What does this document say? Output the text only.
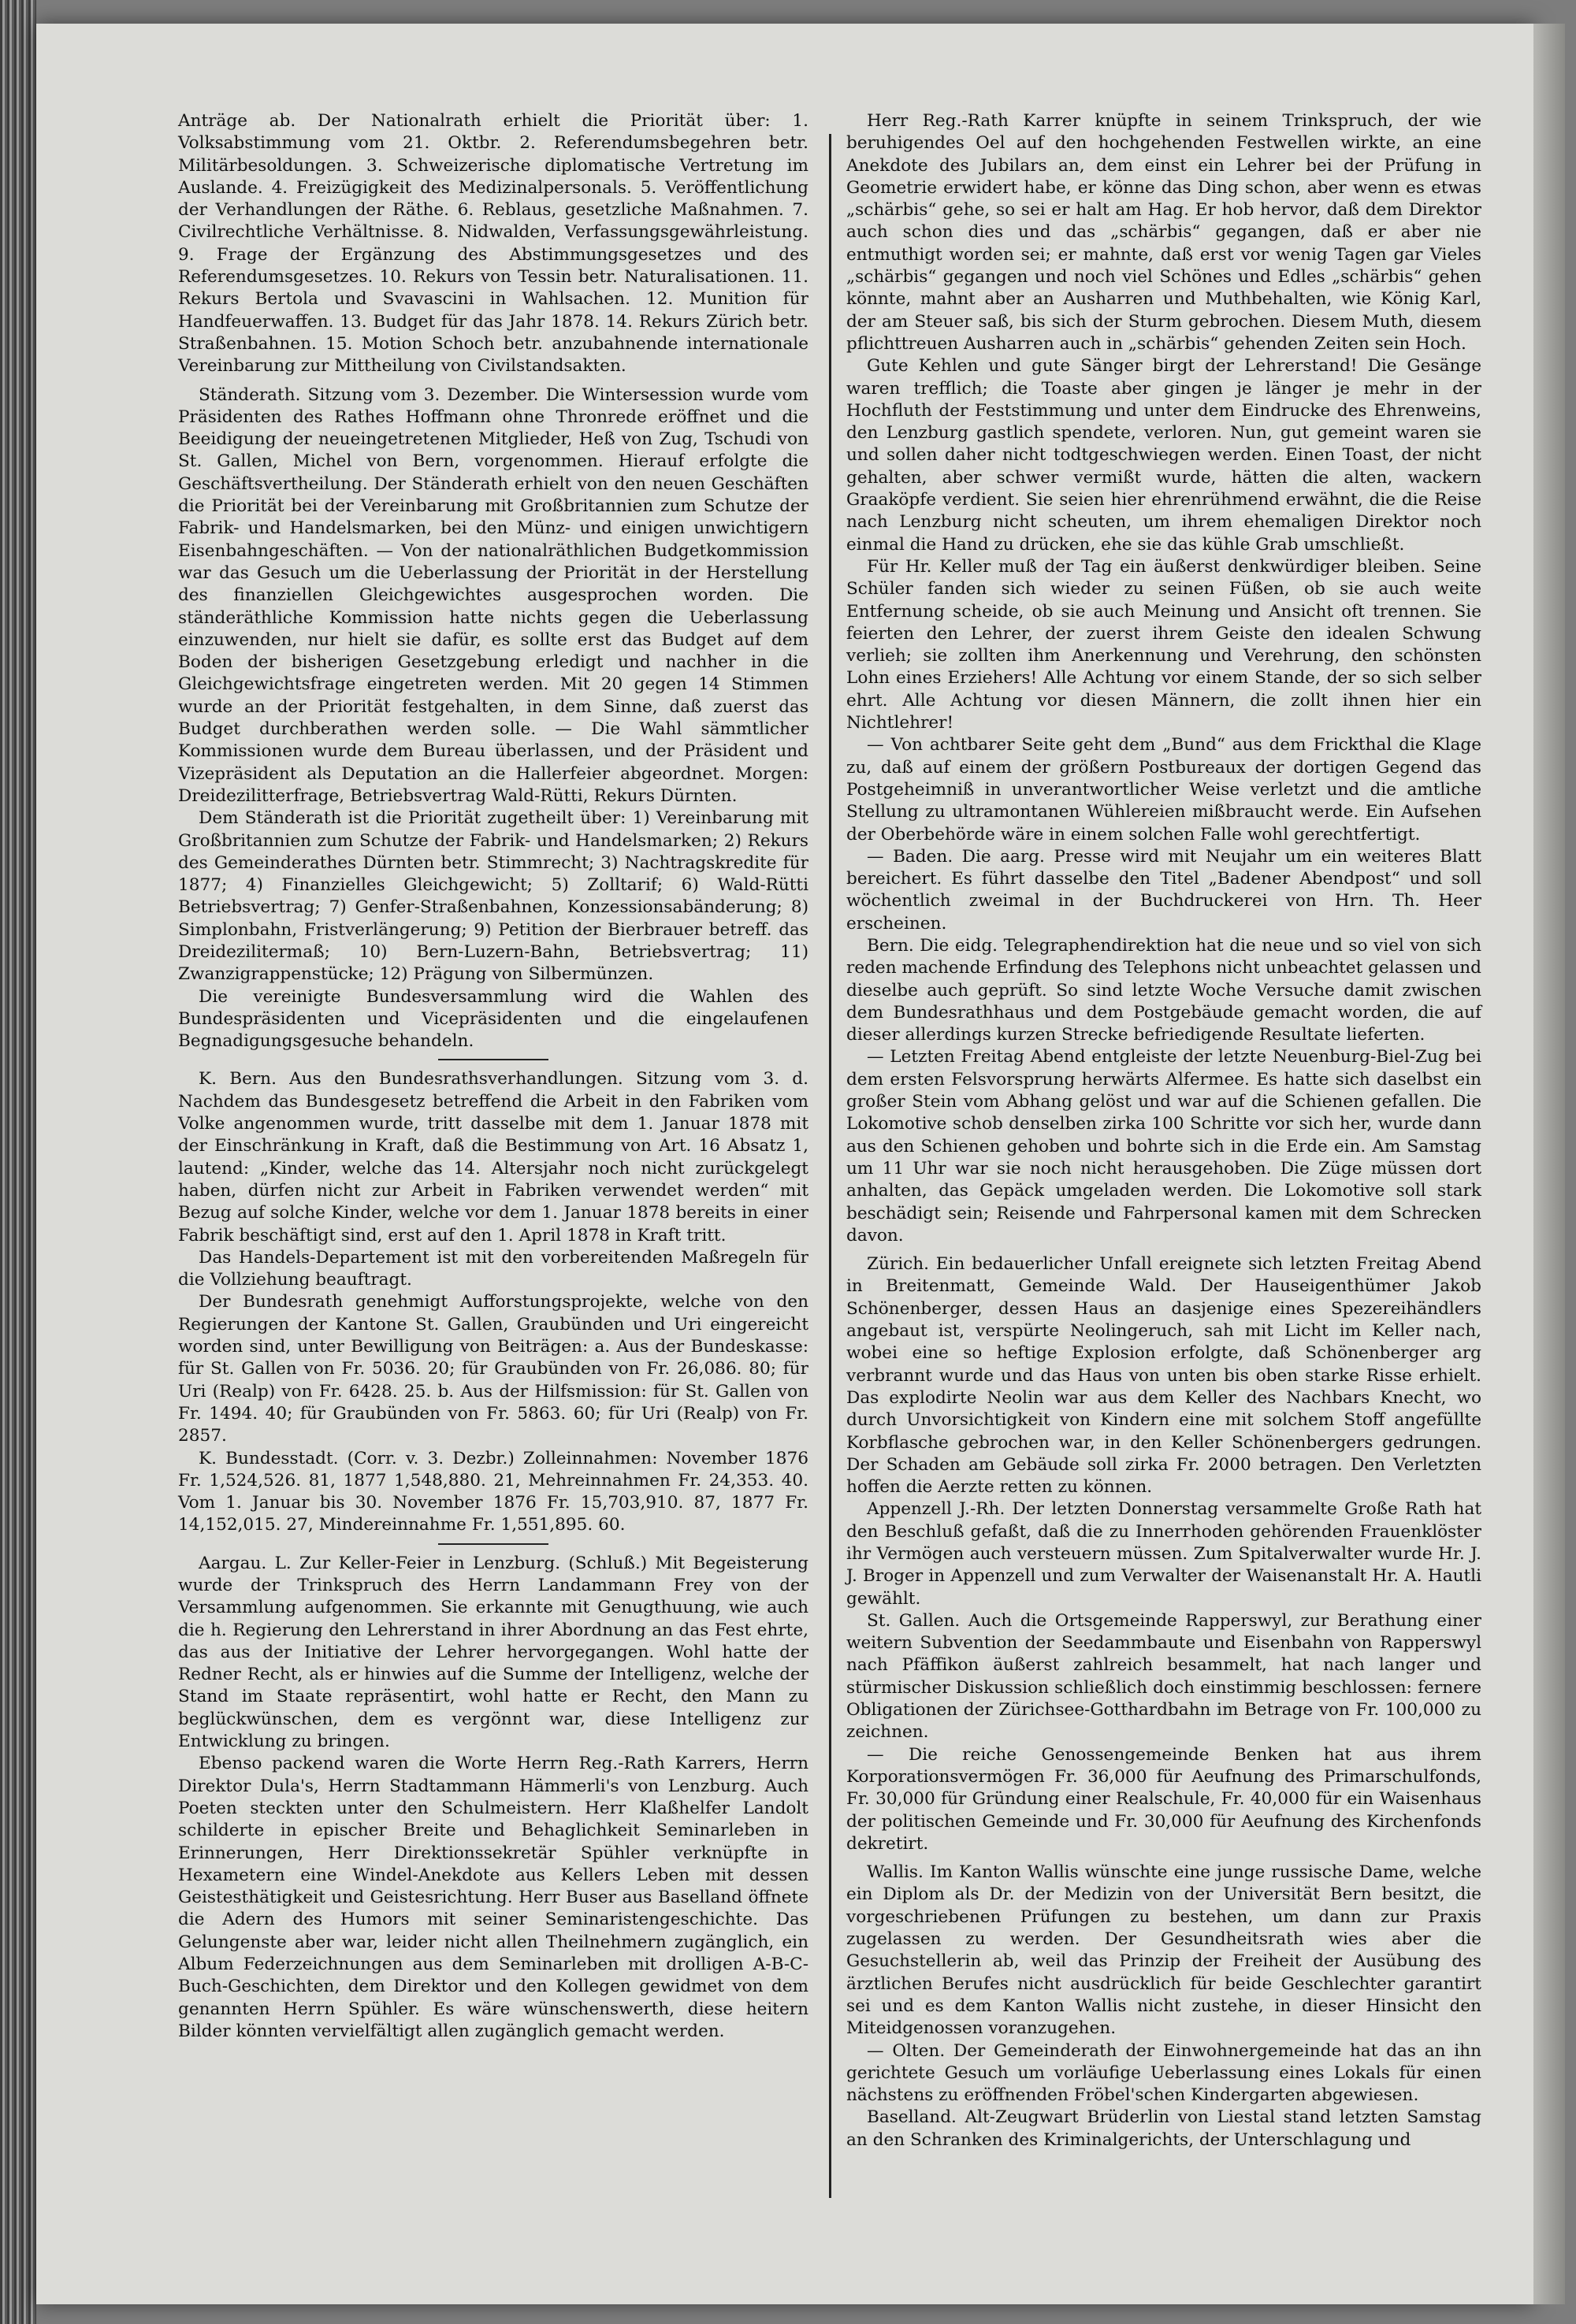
Anträge ab. Der Nationalrath erhielt die Priorität über: 1. Volksabstimmung vom 21. Oktbr. 2. Referendumsbegehren betr. Militärbesoldungen. 3. Schweizerische diplomatische Vertretung im Auslande. 4. Freizügigkeit des Medizinalpersonals. 5. Veröffentlichung der Verhandlungen der Räthe. 6. Reblaus, gesetzliche Maßnahmen. 7. Civilrechtliche Verhältnisse. 8. Nidwalden, Verfassungsgewährleistung. 9. Frage der Ergänzung des Abstimmungsgesetzes und des Referendumsgesetzes. 10. Rekurs von Tessin betr. Naturalisationen. 11. Rekurs Bertola und Svavascini in Wahlsachen. 12. Munition für Handfeuerwaffen. 13. Budget für das Jahr 1878. 14. Rekurs Zürich betr. Straßenbahnen. 15. Motion Schoch betr. anzubahnende internationale Vereinbarung zur Mittheilung von Civilstandsakten.

Ständerath. Sitzung vom 3. Dezember. Die Wintersession wurde vom Präsidenten des Rathes Hoffmann ohne Thronrede eröffnet und die Beeidigung der neueingetretenen Mitglieder, Heß von Zug, Tschudi von St. Gallen, Michel von Bern, vorgenommen. Hierauf erfolgte die Geschäftsvertheilung. Der Ständerath erhielt von den neuen Geschäften die Priorität bei der Vereinbarung mit Großbritannien zum Schutze der Fabrik- und Handelsmarken, bei den Münz- und einigen unwichtigern Eisenbahngeschäften. — Von der nationalräthlichen Budgetkommission war das Gesuch um die Ueberlassung der Priorität in der Herstellung des finanziellen Gleichgewichtes ausgesprochen worden. Die ständeräthliche Kommission hatte nichts gegen die Ueberlassung einzuwenden, nur hielt sie dafür, es sollte erst das Budget auf dem Boden der bisherigen Gesetzgebung erledigt und nachher in die Gleichgewichtsfrage eingetreten werden. Mit 20 gegen 14 Stimmen wurde an der Priorität festgehalten, in dem Sinne, daß zuerst das Budget durchberathen werden solle. — Die Wahl sämmtlicher Kommissionen wurde dem Bureau überlassen, und der Präsident und Vizepräsident als Deputation an die Hallerfeier abgeordnet. Morgen: Dreidezilitterfrage, Betriebsvertrag Wald-Rütti, Rekurs Dürnten.

Dem Ständerath ist die Priorität zugetheilt über: 1) Vereinbarung mit Großbritannien zum Schutze der Fabrik- und Handelsmarken; 2) Rekurs des Gemeinderathes Dürnten betr. Stimmrecht; 3) Nachtragskredite für 1877; 4) Finanzielles Gleichgewicht; 5) Zolltarif; 6) Wald-Rütti Betriebsvertrag; 7) Genfer-Straßenbahnen, Konzessionsabänderung; 8) Simplonbahn, Fristverlängerung; 9) Petition der Bierbrauer betreff. das Dreidezilitermaß; 10) Bern-Luzern-Bahn, Betriebsvertrag; 11) Zwanzigrappenstücke; 12) Prägung von Silbermünzen.

Die vereinigte Bundesversammlung wird die Wahlen des Bundespräsidenten und Vicepräsidenten und die eingelaufenen Begnadigungsgesuche behandeln.

K. Bern. Aus den Bundesrathsverhandlungen. Sitzung vom 3. d. Nachdem das Bundesgesetz betreffend die Arbeit in den Fabriken vom Volke angenommen wurde, tritt dasselbe mit dem 1. Januar 1878 mit der Einschränkung in Kraft, daß die Bestimmung von Art. 16 Absatz 1, lautend: „Kinder, welche das 14. Altersjahr noch nicht zurückgelegt haben, dürfen nicht zur Arbeit in Fabriken verwendet werden“ mit Bezug auf solche Kinder, welche vor dem 1. Januar 1878 bereits in einer Fabrik beschäftigt sind, erst auf den 1. April 1878 in Kraft tritt.

Das Handels-Departement ist mit den vorbereitenden Maßregeln für die Vollziehung beauftragt.

Der Bundesrath genehmigt Aufforstungsprojekte, welche von den Regierungen der Kantone St. Gallen, Graubünden und Uri eingereicht worden sind, unter Bewilligung von Beiträgen: a. Aus der Bundeskasse: für St. Gallen von Fr. 5036. 20; für Graubünden von Fr. 26,086. 80; für Uri (Realp) von Fr. 6428. 25. b. Aus der Hilfsmission: für St. Gallen von Fr. 1494. 40; für Graubünden von Fr. 5863. 60; für Uri (Realp) von Fr. 2857.

K. Bundesstadt. (Corr. v. 3. Dezbr.) Zolleinnahmen: November 1876 Fr. 1,524,526. 81, 1877 1,548,880. 21, Mehreinnahmen Fr. 24,353. 40. Vom 1. Januar bis 30. November 1876 Fr. 15,703,910. 87, 1877 Fr. 14,152,015. 27, Mindereinnahme Fr. 1,551,895. 60.

Aargau. L. Zur Keller-Feier in Lenzburg. (Schluß.) Mit Begeisterung wurde der Trinkspruch des Herrn Landammann Frey von der Versammlung aufgenommen. Sie erkannte mit Genugthuung, wie auch die h. Regierung den Lehrerstand in ihrer Abordnung an das Fest ehrte, das aus der Initiative der Lehrer hervorgegangen. Wohl hatte der Redner Recht, als er hinwies auf die Summe der Intelligenz, welche der Stand im Staate repräsentirt, wohl hatte er Recht, den Mann zu beglückwünschen, dem es vergönnt war, diese Intelligenz zur Entwicklung zu bringen.

Ebenso packend waren die Worte Herrn Reg.-Rath Karrers, Herrn Direktor Dula's, Herrn Stadtammann Hämmerli's von Lenzburg. Auch Poeten steckten unter den Schulmeistern. Herr Klaßhelfer Landolt schilderte in epischer Breite und Behaglichkeit Seminarleben in Erinnerungen, Herr Direktionssekretär Spühler verknüpfte in Hexametern eine Windel-Anekdote aus Kellers Leben mit dessen Geistesthätigkeit und Geistesrichtung. Herr Buser aus Baselland öffnete die Adern des Humors mit seiner Seminaristengeschichte. Das Gelungenste aber war, leider nicht allen Theilnehmern zugänglich, ein Album Federzeichnungen aus dem Seminarleben mit drolligen A-B-C-Buch-Geschichten, dem Direktor und den Kollegen gewidmet von dem genannten Herrn Spühler. Es wäre wünschenswerth, diese heitern Bilder könnten vervielfältigt allen zugänglich gemacht werden.

Herr Reg.-Rath Karrer knüpfte in seinem Trinkspruch, der wie beruhigendes Oel auf den hochgehenden Festwellen wirkte, an eine Anekdote des Jubilars an, dem einst ein Lehrer bei der Prüfung in Geometrie erwidert habe, er könne das Ding schon, aber wenn es etwas „schärbis“ gehe, so sei er halt am Hag. Er hob hervor, daß dem Direktor auch schon dies und das „schärbis“ gegangen, daß er aber nie entmuthigt worden sei; er mahnte, daß erst vor wenig Tagen gar Vieles „schärbis“ gegangen und noch viel Schönes und Edles „schärbis“ gehen könnte, mahnt aber an Ausharren und Muthbehalten, wie König Karl, der am Steuer saß, bis sich der Sturm gebrochen. Diesem Muth, diesem pflichttreuen Ausharren auch in „schärbis“ gehenden Zeiten sein Hoch.

Gute Kehlen und gute Sänger birgt der Lehrerstand! Die Gesänge waren trefflich; die Toaste aber gingen je länger je mehr in der Hochfluth der Feststimmung und unter dem Eindrucke des Ehrenweins, den Lenzburg gastlich spendete, verloren. Nun, gut gemeint waren sie und sollen daher nicht todtgeschwiegen werden. Einen Toast, der nicht gehalten, aber schwer vermißt wurde, hätten die alten, wackern Graaköpfe verdient. Sie seien hier ehrenrühmend erwähnt, die die Reise nach Lenzburg nicht scheuten, um ihrem ehemaligen Direktor noch einmal die Hand zu drücken, ehe sie das kühle Grab umschließt.

Für Hr. Keller muß der Tag ein äußerst denkwürdiger bleiben. Seine Schüler fanden sich wieder zu seinen Füßen, ob sie auch weite Entfernung scheide, ob sie auch Meinung und Ansicht oft trennen. Sie feierten den Lehrer, der zuerst ihrem Geiste den idealen Schwung verlieh; sie zollten ihm Anerkennung und Verehrung, den schönsten Lohn eines Erziehers! Alle Achtung vor einem Stande, der so sich selber ehrt. Alle Achtung vor diesen Männern, die zollt ihnen hier ein Nichtlehrer!

— Von achtbarer Seite geht dem „Bund“ aus dem Frickthal die Klage zu, daß auf einem der größern Postbureaux der dortigen Gegend das Postgeheimniß in unverantwortlicher Weise verletzt und die amtliche Stellung zu ultramontanen Wühlereien mißbraucht werde. Ein Aufsehen der Oberbehörde wäre in einem solchen Falle wohl gerechtfertigt.

— Baden. Die aarg. Presse wird mit Neujahr um ein weiteres Blatt bereichert. Es führt dasselbe den Titel „Badener Abendpost“ und soll wöchentlich zweimal in der Buchdruckerei von Hrn. Th. Heer erscheinen.

Bern. Die eidg. Telegraphendirektion hat die neue und so viel von sich reden machende Erfindung des Telephons nicht unbeachtet gelassen und dieselbe auch geprüft. So sind letzte Woche Versuche damit zwischen dem Bundesrathhaus und dem Postgebäude gemacht worden, die auf dieser allerdings kurzen Strecke befriedigende Resultate lieferten.

— Letzten Freitag Abend entgleiste der letzte Neuenburg-Biel-Zug bei dem ersten Felsvorsprung herwärts Alfermee. Es hatte sich daselbst ein großer Stein vom Abhang gelöst und war auf die Schienen gefallen. Die Lokomotive schob denselben zirka 100 Schritte vor sich her, wurde dann aus den Schienen gehoben und bohrte sich in die Erde ein. Am Samstag um 11 Uhr war sie noch nicht herausgehoben. Die Züge müssen dort anhalten, das Gepäck umgeladen werden. Die Lokomotive soll stark beschädigt sein; Reisende und Fahrpersonal kamen mit dem Schrecken davon.

Zürich. Ein bedauerlicher Unfall ereignete sich letzten Freitag Abend in Breitenmatt, Gemeinde Wald. Der Hauseigenthümer Jakob Schönenberger, dessen Haus an dasjenige eines Spezereihändlers angebaut ist, verspürte Neolingeruch, sah mit Licht im Keller nach, wobei eine so heftige Explosion erfolgte, daß Schönenberger arg verbrannt wurde und das Haus von unten bis oben starke Risse erhielt. Das explodirte Neolin war aus dem Keller des Nachbars Knecht, wo durch Unvorsichtigkeit von Kindern eine mit solchem Stoff angefüllte Korbflasche gebrochen war, in den Keller Schönenbergers gedrungen. Der Schaden am Gebäude soll zirka Fr. 2000 betragen. Den Verletzten hoffen die Aerzte retten zu können.

Appenzell J.-Rh. Der letzten Donnerstag versammelte Große Rath hat den Beschluß gefaßt, daß die zu Innerrhoden gehörenden Frauenklöster ihr Vermögen auch versteuern müssen. Zum Spitalverwalter wurde Hr. J. J. Broger in Appenzell und zum Verwalter der Waisenanstalt Hr. A. Hautli gewählt.

St. Gallen. Auch die Ortsgemeinde Rapperswyl, zur Berathung einer weitern Subvention der Seedammbaute und Eisenbahn von Rapperswyl nach Pfäffikon äußerst zahlreich besammelt, hat nach langer und stürmischer Diskussion schließlich doch einstimmig beschlossen: fernere Obligationen der Zürichsee-Gotthardbahn im Betrage von Fr. 100,000 zu zeichnen.

— Die reiche Genossengemeinde Benken hat aus ihrem Korporationsvermögen Fr. 36,000 für Aeufnung des Primarschulfonds, Fr. 30,000 für Gründung einer Realschule, Fr. 40,000 für ein Waisenhaus der politischen Gemeinde und Fr. 30,000 für Aeufnung des Kirchenfonds dekretirt.

Wallis. Im Kanton Wallis wünschte eine junge russische Dame, welche ein Diplom als Dr. der Medizin von der Universität Bern besitzt, die vorgeschriebenen Prüfungen zu bestehen, um dann zur Praxis zugelassen zu werden. Der Gesundheitsrath wies aber die Gesuchstellerin ab, weil das Prinzip der Freiheit der Ausübung des ärztlichen Berufes nicht ausdrücklich für beide Geschlechter garantirt sei und es dem Kanton Wallis nicht zustehe, in dieser Hinsicht den Miteidgenossen voranzugehen.

— Olten. Der Gemeinderath der Einwohnergemeinde hat das an ihn gerichtete Gesuch um vorläufige Ueberlassung eines Lokals für einen nächstens zu eröffnenden Fröbel'schen Kindergarten abgewiesen.

Baselland. Alt-Zeugwart Brüderlin von Liestal stand letzten Samstag an den Schranken des Kriminalgerichts, der Unterschlagung und
